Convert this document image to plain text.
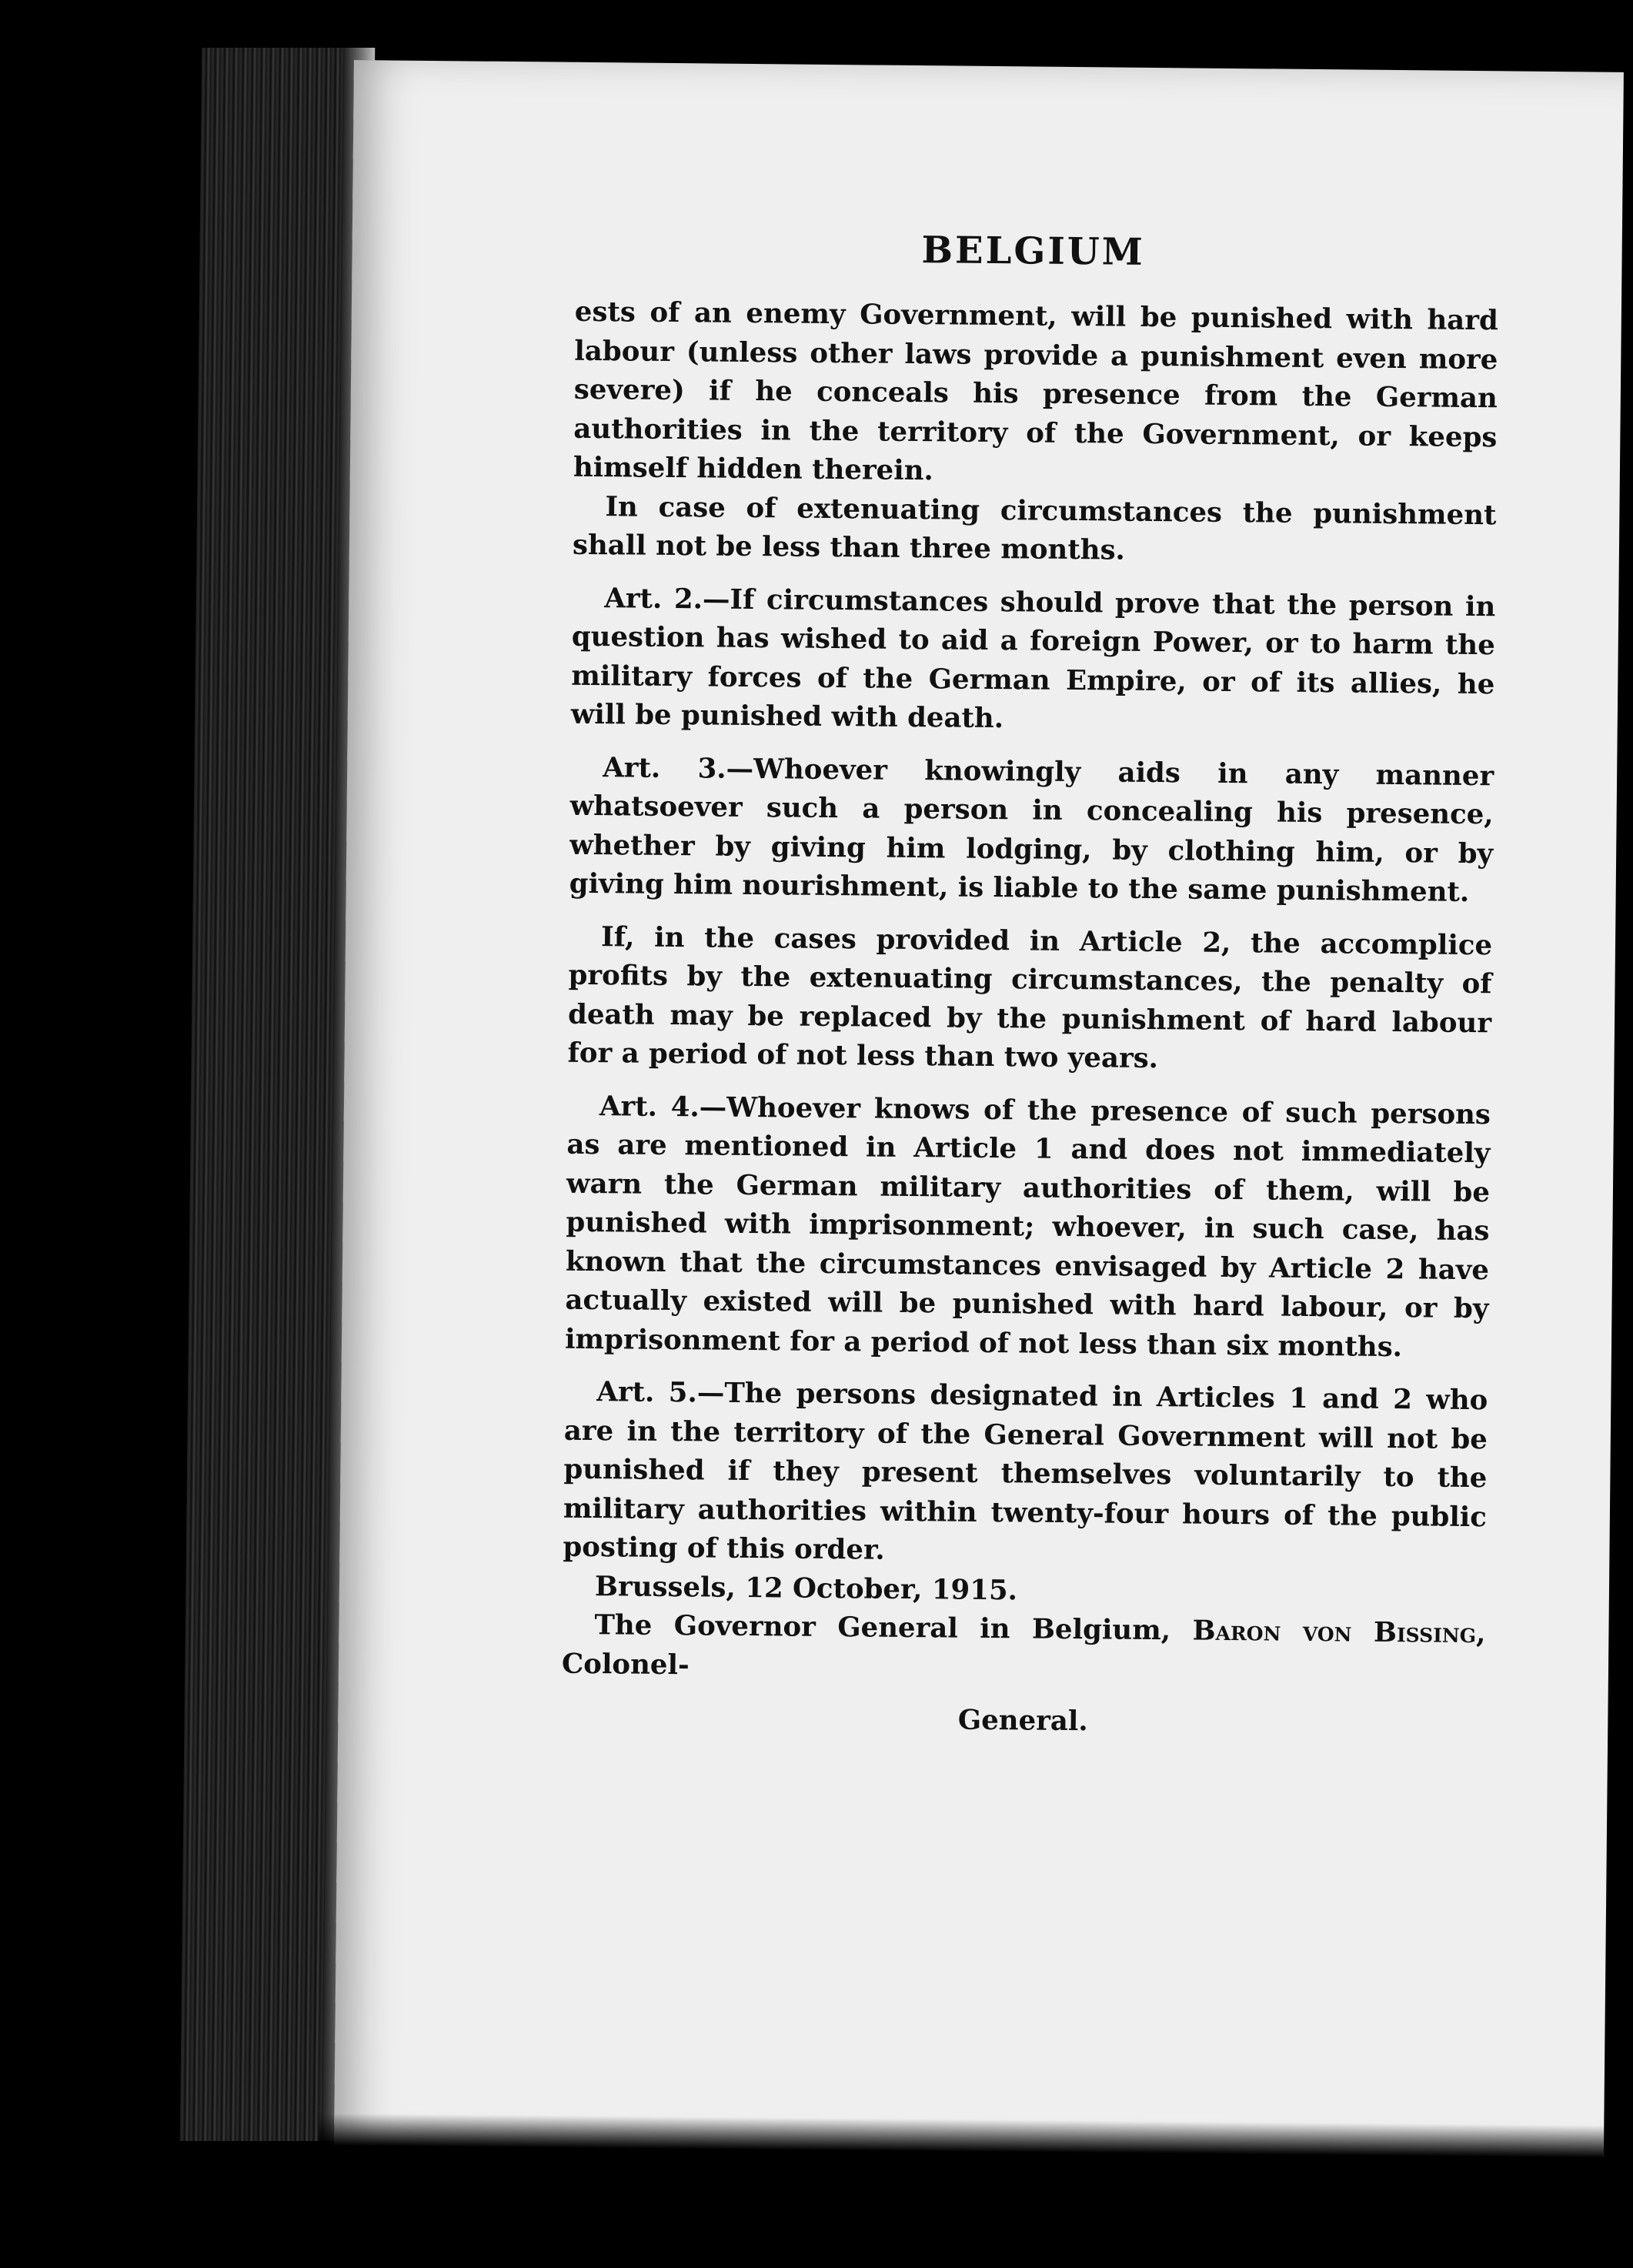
BELGIUM

ests of an enemy Government, will be punished with hard labour (unless other laws provide a punishment even more severe) if he conceals his presence from the German authorities in the territory of the Government, or keeps himself hidden therein.

In case of extenuating circumstances the punishment shall not be less than three months.

Art. 2.—If circumstances should prove that the person in question has wished to aid a foreign Power, or to harm the military forces of the German Empire, or of its allies, he will be punished with death.

Art. 3.—Whoever knowingly aids in any manner whatsoever such a person in concealing his presence, whether by giving him lodging, by clothing him, or by giving him nourishment, is liable to the same punishment.

If, in the cases provided in Article 2, the accomplice profits by the extenuating circumstances, the penalty of death may be replaced by the punishment of hard labour for a period of not less than two years.

Art. 4.—Whoever knows of the presence of such persons as are mentioned in Article 1 and does not immediately warn the German military authorities of them, will be punished with imprisonment; whoever, in such case, has known that the circumstances envisaged by Article 2 have actually existed will be punished with hard labour, or by imprisonment for a period of not less than six months.

Art. 5.—The persons designated in Articles 1 and 2 who are in the territory of the General Government will not be punished if they present themselves voluntarily to the military authorities within twenty-four hours of the public posting of this order.

Brussels, 12 October, 1915.

The Governor General in Belgium, Baron von Bissing, Colonel-

General.
